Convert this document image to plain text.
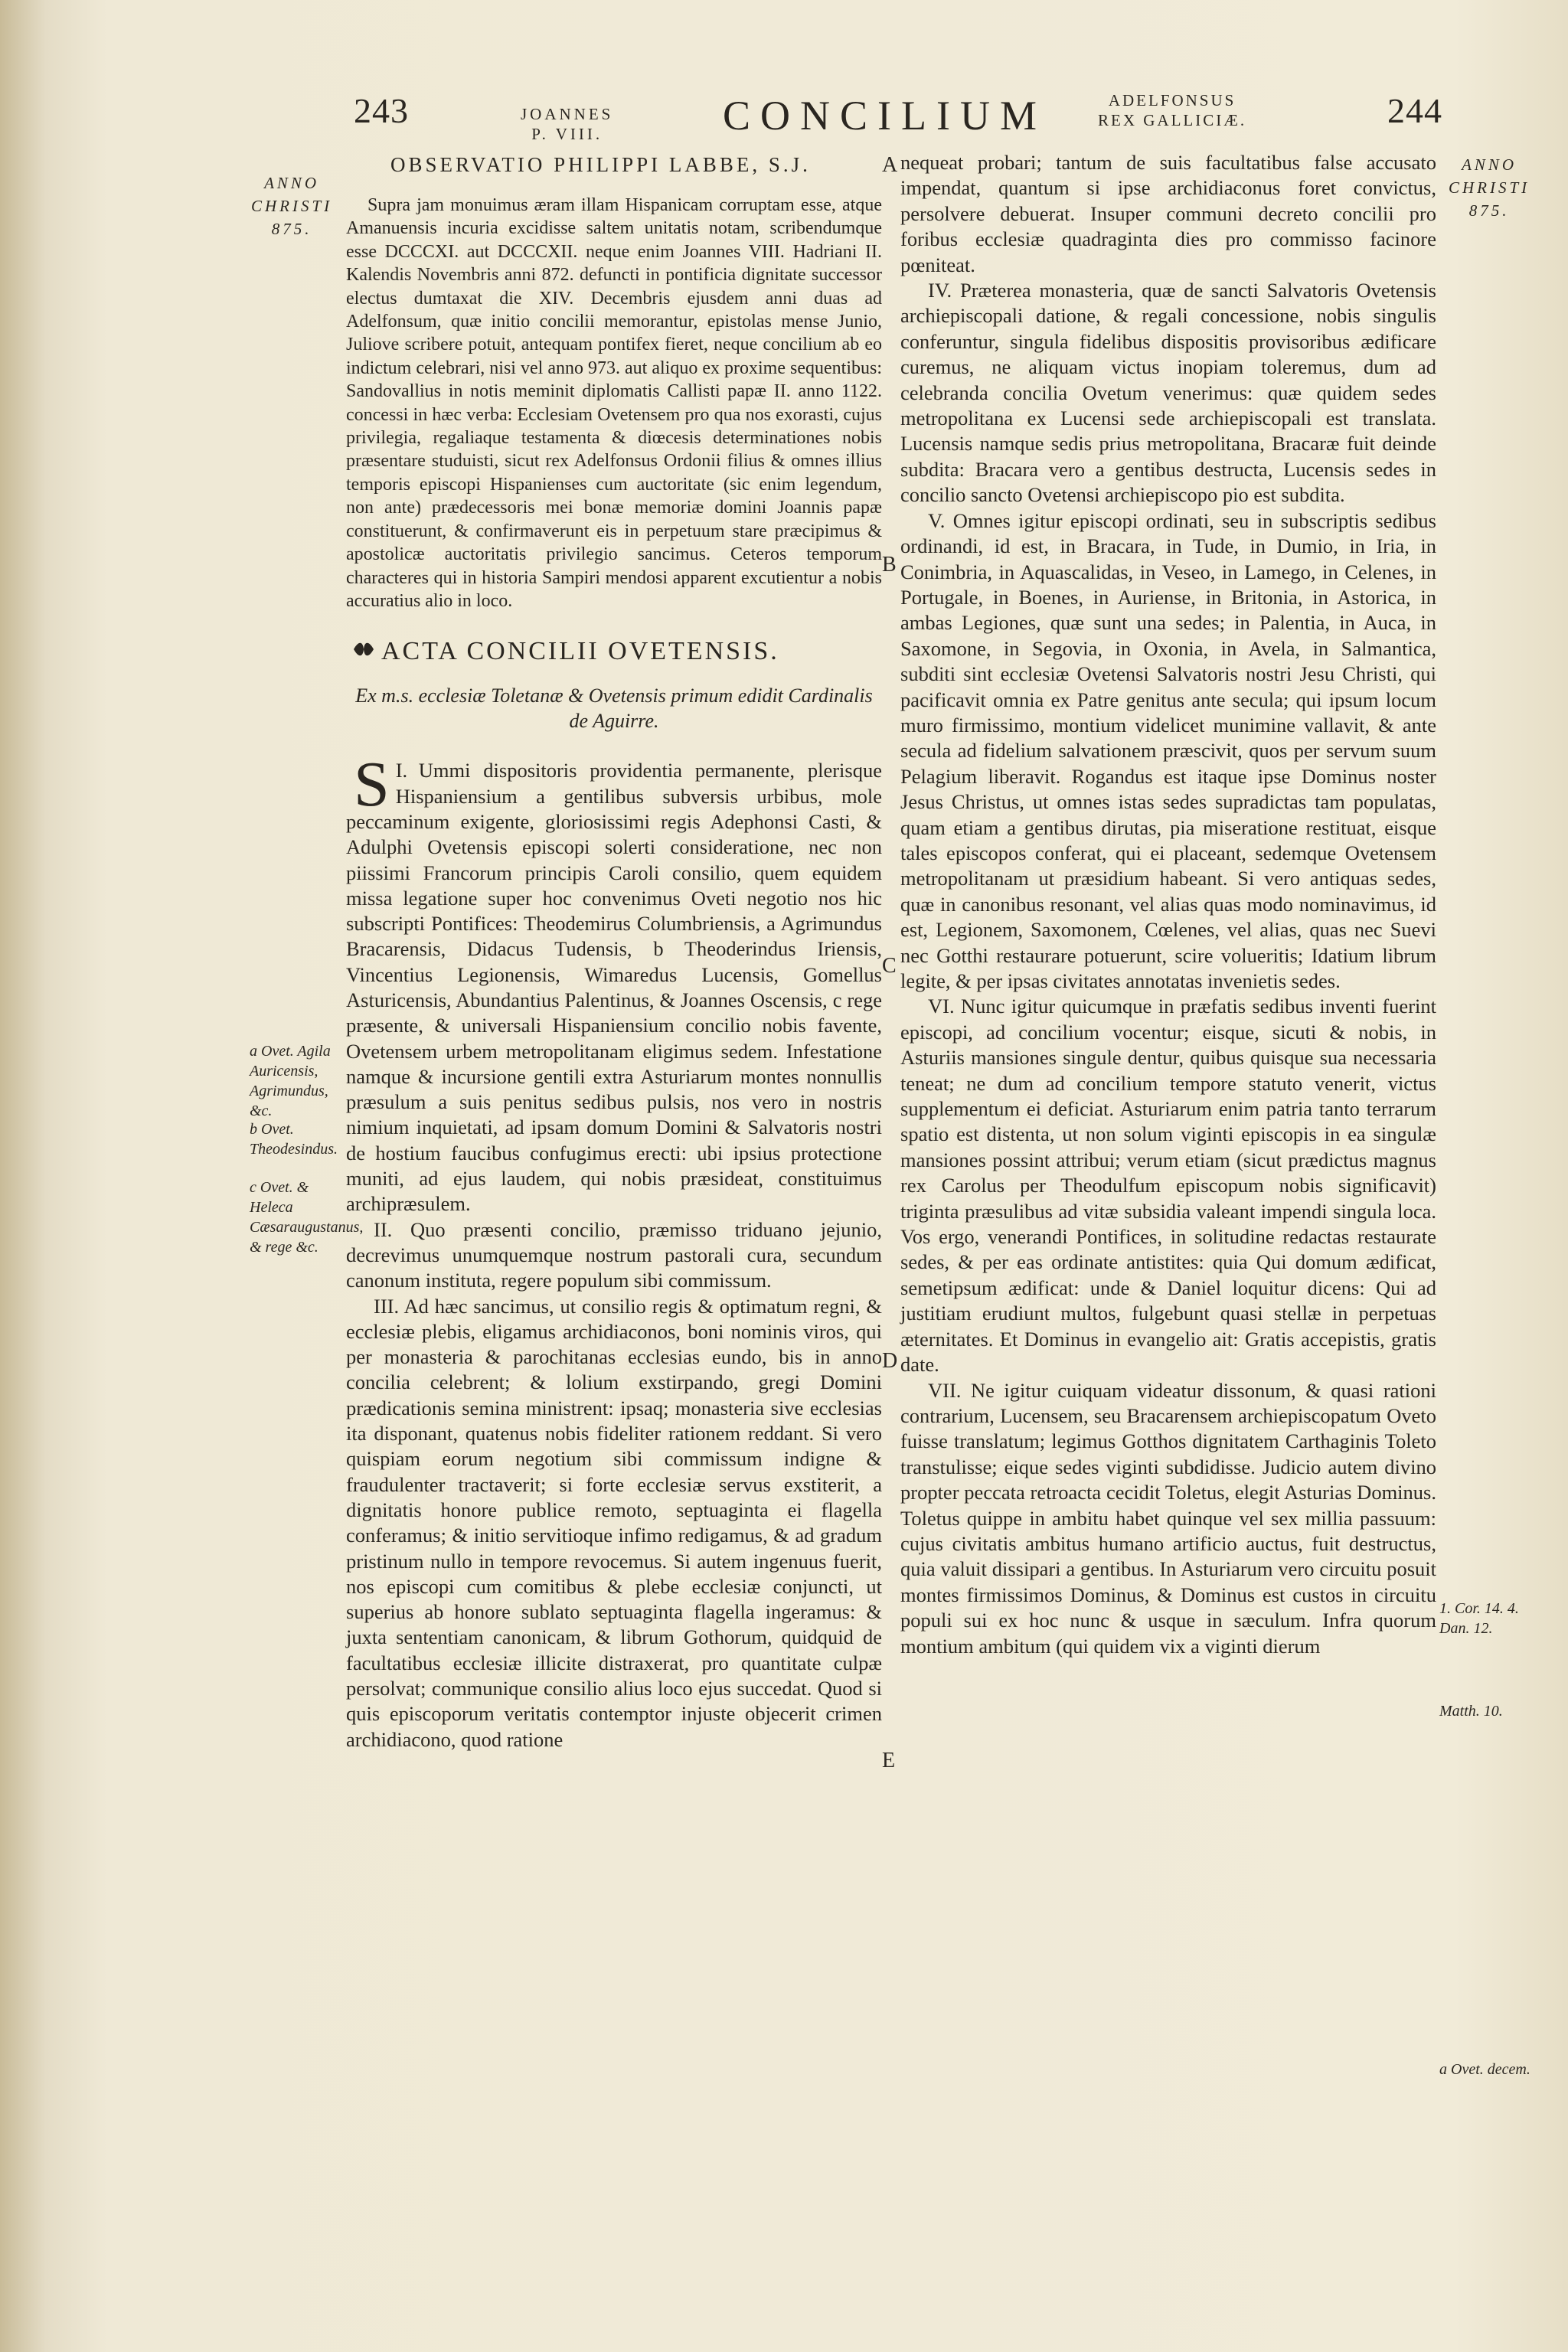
243	JOANNES
P. VIII.	CONCILIUM	ADELFONSUS
REX GALLICIÆ.	244
ANNO
CHRISTI
875.
ANNO
CHRISTI
875.
A
B
C
D
E
a Ovet. Agila Auricensis, Agrimundus, &c.
b Ovet. Theodesindus.
c Ovet. & Heleca Cæsaraugustanus, & rege &c.
1. Cor. 14. 4.
Dan. 12.
Matth. 10.
a Ovet. decem.
OBSERVATIO PHILIPPI LABBE, S.J.

Supra jam monuimus æram illam Hispanicam corruptam esse, atque Amanuensis incuria excidisse saltem unitatis notam, scribendumque esse DCCCXI. aut DCCCXII. neque enim Joannes VIII. Hadriani II. Kalendis Novembris anni 872. defuncti in pontificia dignitate successor electus dumtaxat die XIV. Decembris ejusdem anni duas ad Adelfonsum, quæ initio concilii memorantur, epistolas mense Junio, Juliove scribere potuit, antequam pontifex fieret, neque concilium ab eo indictum celebrari, nisi vel anno 973. aut aliquo ex proxime sequentibus: Sandovallius in notis meminit diplomatis Callisti papæ II. anno 1122. concessi in hæc verba: Ecclesiam Ovetensem pro qua nos exorasti, cujus privilegia, regaliaque testamenta & diœcesis determinationes nobis præsentare studuisti, sicut rex Adelfonsus Ordonii filius & omnes illius temporis episcopi Hispanienses cum auctoritate (sic enim legendum, non ante) prædecessoris mei bonæ memoriæ domini Joannis papæ constituerunt, & confirmaverunt eis in perpetuum stare præcipimus & apostolicæ auctoritatis privilegio sancimus. Ceteros temporum characteres qui in historia Sampiri mendosi apparent excutientur a nobis accuratius alio in loco.

ACTA CONCILII OVETENSIS.
Ex m.s. ecclesiæ Toletanæ & Ovetensis primum edidit Cardinalis de Aguirre.

I.
S Ummi dispositoris providentia permanente, plerisque Hispaniensium a gentilibus subversis urbibus, mole peccaminum exigente, gloriosissimi regis Adephonsi Casti, & Adulphi Ovetensis episcopi solerti consideratione, nec non piissimi Francorum principis Caroli consilio, quem equidem missa legatione super hoc convenimus Oveti negotio nos hic subscripti Pontifices: Theodemirus Columbriensis, a Agrimundus Bracarensis, Didacus Tudensis, b Theoderindus Iriensis, Vincentius Legionensis, Wimaredus Lucensis, Gomellus Asturicensis, Abundantius Palentinus, & Joannes Oscensis, c rege præsente, & universali Hispaniensium concilio nobis favente, Ovetensem urbem metropolitanam eligimus sedem. Infestatione namque & incursione gentili extra Asturiarum montes nonnullis præsulum a suis penitus sedibus pulsis, nos vero in nostris nimium inquietati, ad ipsam domum Domini & Salvatoris nostri de hostium faucibus confugimus erecti: ubi ipsius protectione muniti, ad ejus laudem, qui nobis præsideat, constituimus archipræsulem.

II. Quo præsenti concilio, præmisso triduano jejunio, decrevimus unumquemque nostrum pastorali cura, secundum canonum instituta, regere populum sibi commissum.

III. Ad hæc sancimus, ut consilio regis & optimatum regni, & ecclesiæ plebis, eligamus archidiaconos, boni nominis viros, qui per monasteria & parochitanas ecclesias eundo, bis in anno concilia celebrent; & lolium exstirpando, gregi Domini prædicationis semina ministrent: ipsaq; monasteria sive ecclesias ita disponant, quatenus nobis fideliter rationem reddant. Si vero quispiam eorum negotium sibi commissum indigne & fraudulenter tractaverit; si forte ecclesiæ servus exstiterit, a dignitatis honore publice remoto, septuaginta ei flagella conferamus; & initio servitioque infimo redigamus, & ad gradum pristinum nullo in tempore revocemus. Si autem ingenuus fuerit, nos episcopi cum comitibus & plebe ecclesiæ conjuncti, ut superius ab honore sublato septuaginta flagella ingeramus: & juxta sententiam canonicam, & librum Gothorum, quidquid de facultatibus ecclesiæ illicite distraxerat, pro quantitate culpæ persolvat; communique consilio alius loco ejus succedat. Quod si quis episcoporum veritatis contemptor injuste objecerit crimen archidiacono, quod ratione

nequeat probari; tantum de suis facultatibus false accusato impendat, quantum si ipse archidiaconus foret convictus, persolvere debuerat. Insuper communi decreto concilii pro foribus ecclesiæ quadraginta dies pro commisso facinore pœniteat.

IV. Præterea monasteria, quæ de sancti Salvatoris Ovetensis archiepiscopali datione, & regali concessione, nobis singulis conferuntur, singula fidelibus dispositis provisoribus ædificare curemus, ne aliquam victus inopiam toleremus, dum ad celebranda concilia Ovetum venerimus: quæ quidem sedes metropolitana ex Lucensi sede archiepiscopali est translata. Lucensis namque sedis prius metropolitana, Bracaræ fuit deinde subdita: Bracara vero a gentibus destructa, Lucensis sedes in concilio sancto Ovetensi archiepiscopo pio est subdita.

V. Omnes igitur episcopi ordinati, seu in subscriptis sedibus ordinandi, id est, in Bracara, in Tude, in Dumio, in Iria, in Conimbria, in Aquascalidas, in Veseo, in Lamego, in Celenes, in Portugale, in Boenes, in Auriense, in Britonia, in Astorica, in ambas Legiones, quæ sunt una sedes; in Palentia, in Auca, in Saxomone, in Segovia, in Oxonia, in Avela, in Salmantica, subditi sint ecclesiæ Ovetensi Salvatoris nostri Jesu Christi, qui pacificavit omnia ex Patre genitus ante secula; qui ipsum locum muro firmissimo, montium videlicet munimine vallavit, & ante secula ad fidelium salvationem præscivit, quos per servum suum Pelagium liberavit. Rogandus est itaque ipse Dominus noster Jesus Christus, ut omnes istas sedes supradictas tam populatas, quam etiam a gentibus dirutas, pia miseratione restituat, eisque tales episcopos conferat, qui ei placeant, sedemque Ovetensem metropolitanam ut præsidium habeant. Si vero antiquas sedes, quæ in canonibus resonant, vel alias quas modo nominavimus, id est, Legionem, Saxomonem, Cœlenes, vel alias, quas nec Suevi nec Gotthi restaurare potuerunt, scire volueritis; Idatium librum legite, & per ipsas civitates annotatas invenietis sedes.

VI. Nunc igitur quicumque in præfatis sedibus inventi fuerint episcopi, ad concilium vocentur; eisque, sicuti & nobis, in Asturiis mansiones singule dentur, quibus quisque sua necessaria teneat; ne dum ad concilium tempore statuto venerit, victus supplementum ei deficiat. Asturiarum enim patria tanto terrarum spatio est distenta, ut non solum viginti episcopis in ea singulæ mansiones possint attribui; verum etiam (sicut prædictus magnus rex Carolus per Theodulfum episcopum nobis significavit) triginta præsulibus ad vitæ subsidia valeant impendi singula loca. Vos ergo, venerandi Pontifices, in solitudine redactas restaurate sedes, & per eas ordinate antistites: quia Qui domum ædificat, semetipsum ædificat: unde & Daniel loquitur dicens: Qui ad justitiam erudiunt multos, fulgebunt quasi stellæ in perpetuas æternitates. Et Dominus in evangelio ait: Gratis accepistis, gratis date.

VII. Ne igitur cuiquam videatur dissonum, & quasi rationi contrarium, Lucensem, seu Bracarensem archiepiscopatum Oveto fuisse translatum; legimus Gotthos dignitatem Carthaginis Toleto transtulisse; eique sedes viginti subdidisse. Judicio autem divino propter peccata retroacta cecidit Toletus, elegit Asturias Dominus. Toletus quippe in ambitu habet quinque vel sex millia passuum: cujus civitatis ambitus humano artificio auctus, fuit destructus, quia valuit dissipari a gentibus. In Asturiarum vero circuitu posuit montes firmissimos Dominus, & Dominus est custos in circuitu populi sui ex hoc nunc & usque in sæculum. Infra quorum montium ambitum (qui quidem vix a viginti dierum
